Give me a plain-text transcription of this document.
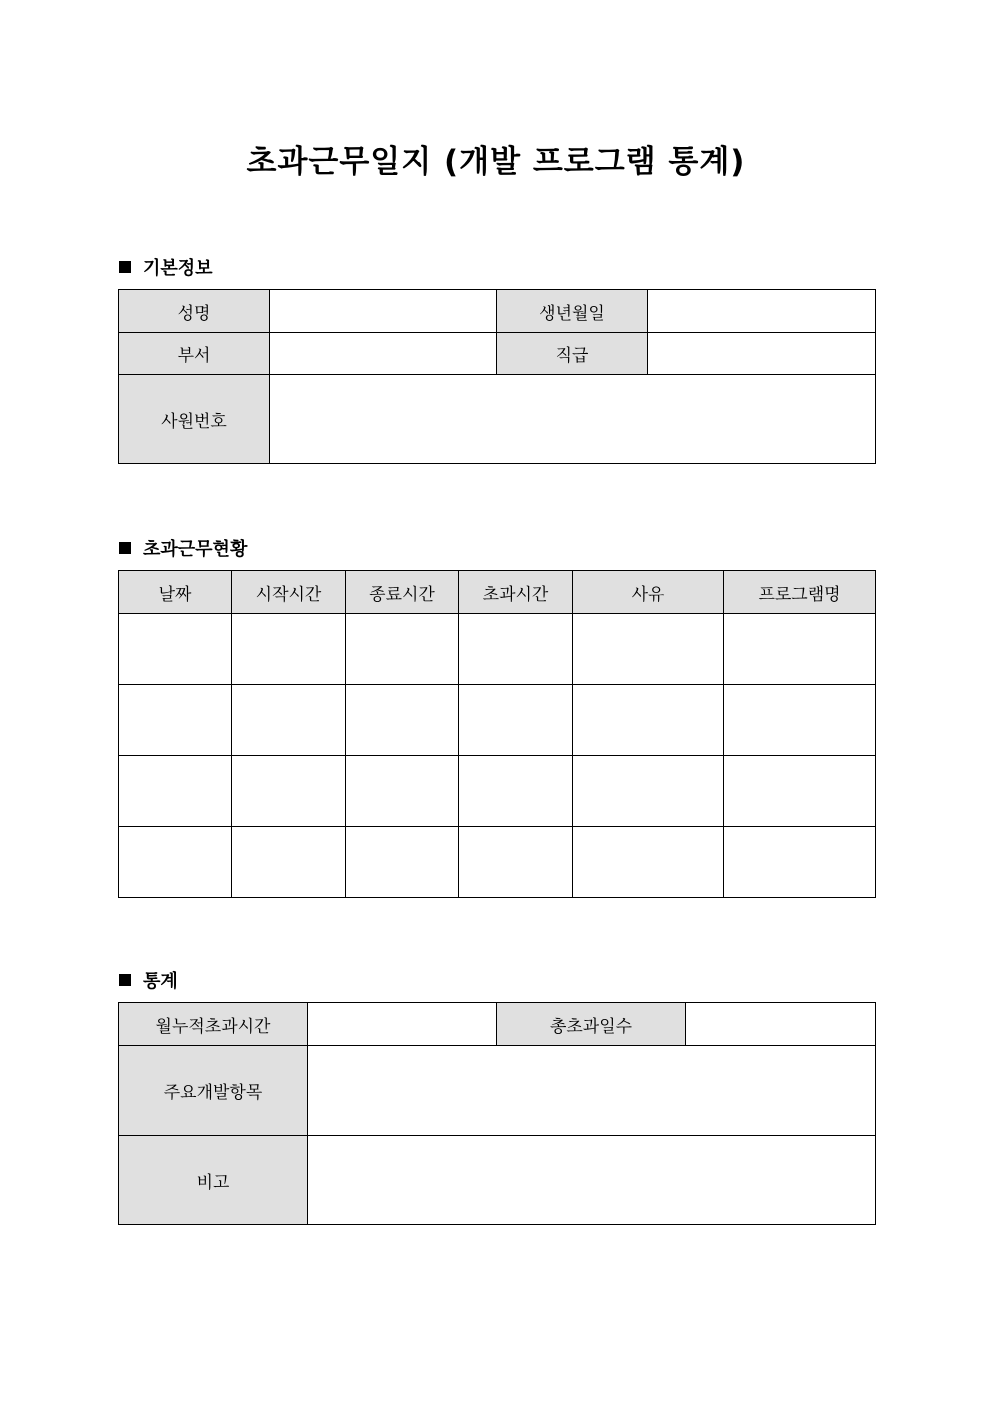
초과근무일지 (개발 프로그램 통계)
기본정보
성명		생년월일	
부서		직급	
사원번호			
초과근무현황
날짜	시작시간	종료시간	초과시간	사유	프로그램명

통계
월누적초과시간		총초과일수	
주요개발항목			
비고			
